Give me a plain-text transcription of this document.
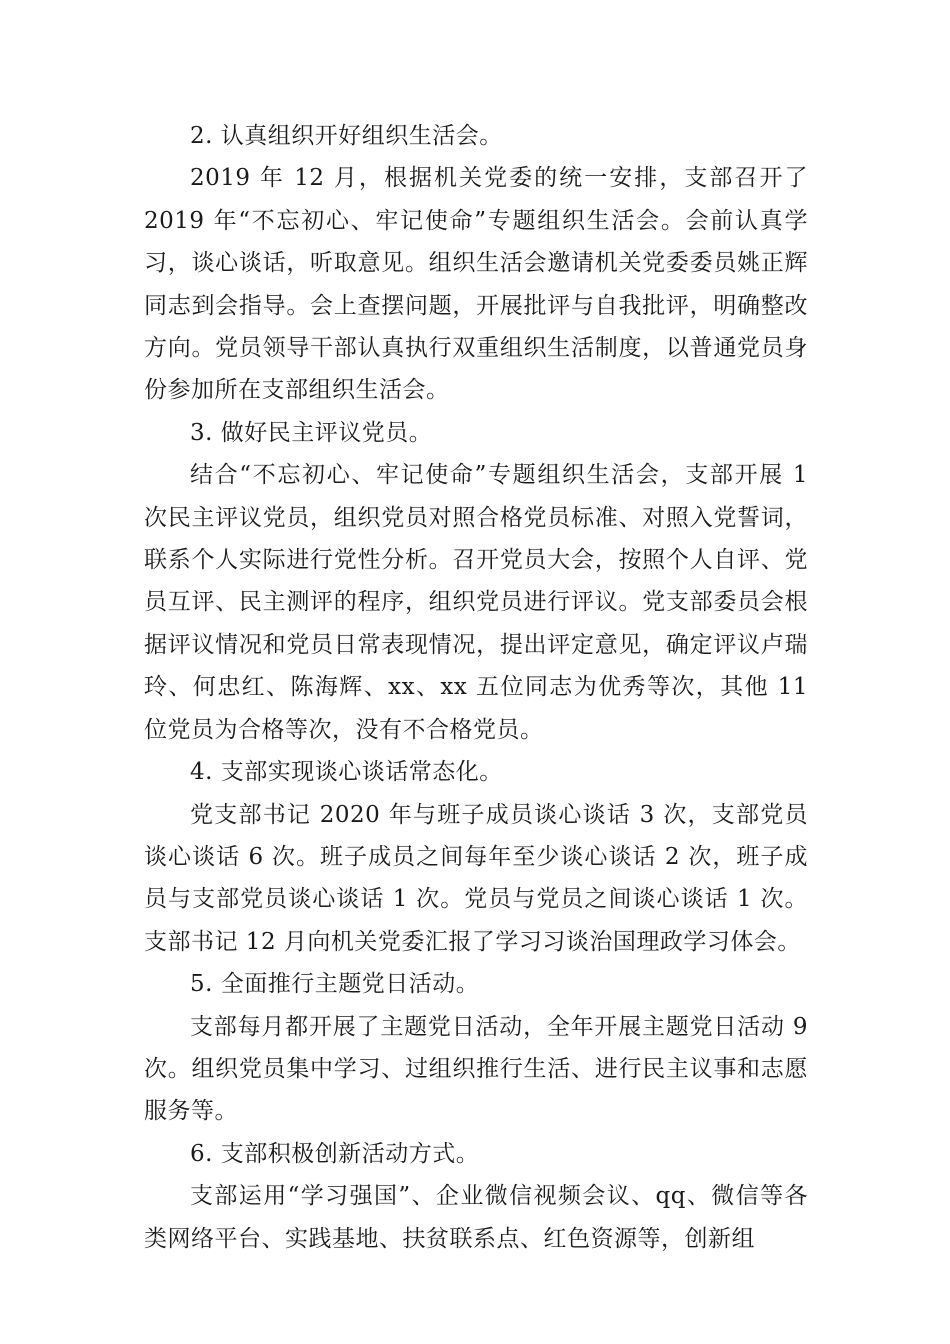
2. 认真组织开好组织生活会。

2019 年 12 月，根据机关党委的统一安排，支部召开了 2019 年“不忘初心、牢记使命”专题组织生活会。会前认真学习，谈心谈话，听取意见。组织生活会邀请机关党委委员姚正辉同志到会指导。会上查摆问题，开展批评与自我批评，明确整改方向。党员领导干部认真执行双重组织生活制度，以普通党员身份参加所在支部组织生活会。

3. 做好民主评议党员。

结合“不忘初心、牢记使命”专题组织生活会，支部开展 1 次民主评议党员，组织党员对照合格党员标准、对照入党誓词，联系个人实际进行党性分析。召开党员大会，按照个人自评、党员互评、民主测评的程序，组织党员进行评议。党支部委员会根据评议情况和党员日常表现情况，提出评定意见，确定评议卢瑞玲、何忠红、陈海辉、xx、xx 五位同志为优秀等次，其他 11 位党员为合格等次，没有不合格党员。

4. 支部实现谈心谈话常态化。

党支部书记 2020 年与班子成员谈心谈话 3 次，支部党员谈心谈话 6 次。班子成员之间每年至少谈心谈话 2 次，班子成员与支部党员谈心谈话 1 次。党员与党员之间谈心谈话 1 次。支部书记 12 月向机关党委汇报了学习习谈治国理政学习体会。

5. 全面推行主题党日活动。

支部每月都开展了主题党日活动，全年开展主题党日活动 9 次。组织党员集中学习、过组织推行生活、进行民主议事和志愿服务等。

6. 支部积极创新活动方式。

支部运用“学习强国”、企业微信视频会议、qq、微信等各类网络平台、实践基地、扶贫联系点、红色资源等，创新组
